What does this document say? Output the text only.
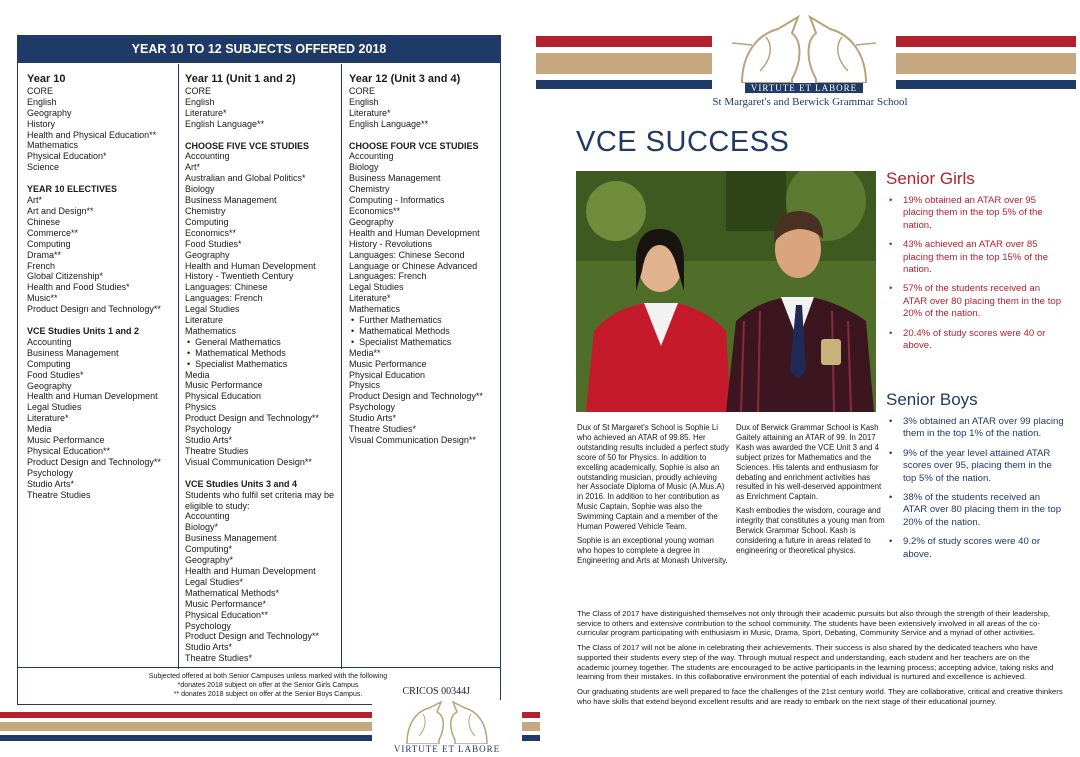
YEAR 10 TO 12 SUBJECTS OFFERED 2018
Year 10
CORE
English
Geography
History
Health and Physical Education**
Mathematics
Physical Education*
Science
YEAR 10 ELECTIVES
Art*
Art and Design**
Chinese
Commerce**
Computing
Drama**
French
Global Citizenship*
Health and Food Studies*
Music**
Product Design and Technology**
VCE Studies Units 1 and 2
Accounting
Business Management
Computing
Food Studies*
Geography
Health and Human Development
Legal Studies
Literature*
Media
Music Performance
Physical Education**
Product Design and Technology**
Psychology
Studio Arts*
Theatre Studies
Year 11 (Unit 1 and 2)
CORE
English
Literature*
English Language**
CHOOSE FIVE VCE STUDIES
Accounting
Art*
Australian and Global Politics*
Biology
Business Management
Chemistry
Computing
Economics**
Food Studies*
Geography
Health and Human Development
History - Twentieth Century
Languages: Chinese
Languages: French
Legal Studies
Literature
Mathematics
• General Mathematics
• Mathematical Methods
• Specialist Mathematics
Media
Music Performance
Physical Education
Physics
Product Design and Technology**
Psychology
Studio Arts*
Theatre Studies
Visual Communication Design**
VCE Studies Units 3 and 4
Students who fulfil set criteria may be eligible to study:
Accounting
Biology*
Business Management
Computing*
Geography*
Health and Human Development
Legal Studies*
Mathematical Methods*
Music Performance*
Physical Education**
Psychology
Product Design and Technology**
Studio Arts*
Theatre Studies*
Year 12 (Unit 3 and 4)
CORE
English
Literature*
English Language**
CHOOSE FOUR VCE STUDIES
Accounting
Biology
Business Management
Chemistry
Computing - Informatics
Economics**
Geography
Health and Human Development
History - Revolutions
Languages: Chinese Second Language or Chinese Advanced
Languages: French
Legal Studies
Literature*
Mathematics
• Further Mathematics
• Mathematical Methods
• Specialist Mathematics
Media**
Music Performance
Physical Education
Physics
Product Design and Technology**
Psychology
Studio Arts*
Theatre Studies*
Visual Communication Design**
Subjected offered at both Senior Campuses unless marked with the following
*donates 2018 subject on offer at the Senior Girls Campus
** donates 2018 subject on offer at the Senior Boys Campus.	CRICOS 00344J
VIRTUTE ET LABORE
VIRTUTE ET LABORE
St Margaret's and Berwick Grammar School
VCE SUCCESS
Senior Girls
• 19% obtained an ATAR over 95 placing them in the top 5% of the nation.
• 43% achieved an ATAR over 85 placing them in the top 15% of the nation.
• 57% of the students received an ATAR over 80 placing them in the top 20% of the nation.
• 20.4% of study scores were 40 or above.
Senior Boys
• 3% obtained an ATAR over 99 placing them in the top 1% of the nation.
• 9% of the year level attained ATAR scores over 95, placing them in the top 5% of the nation.
• 38% of the students received an ATAR over 80 placing them in the top 20% of the nation.
• 9.2% of study scores were 40 or above.

Dux of St Margaret's School is Sophie Li who achieved an ATAR of 99.85. Her outstanding results included a perfect study score of 50 for Physics. In addition to excelling academically, Sophie is also an outstanding musician, proudly achieving her Associate Diploma of Music (A.Mus.A) in 2016. In addition to her contribution as Music Captain, Sophie was also the Swimming Captain and a member of the Human Powered Vehicle Team.

Sophie is an exceptional young woman who hopes to complete a degree in Engineering and Arts at Monash University.

Dux of Berwick Grammar School is Kash Gaitely attaining an ATAR of 99. In 2017 Kash was awarded the VCE Unit 3 and 4 subject prizes for Mathematics and the Sciences. His talents and enthusiasm for debating and enrichment activities has resulted in his well-deserved appointment as Enrichment Captain.

Kash embodies the wisdom, courage and integrity that constitutes a young man from Berwick Grammar School. Kash is considering a future in areas related to engineering or theoretical physics.

The Class of 2017 have distinguished themselves not only through their academic pursuits but also through the strength of their leadership, service to others and extensive contribution to the school community. The students have been extensively involved in all areas of the co-curricular program participating with enthusiasm in Music, Drama, Sport, Debating, Community Service and a myriad of other activities.

The Class of 2017 will not be alone in celebrating their achievements. Their success is also shared by the dedicated teachers who have supported their students every step of the way. Through mutual respect and understanding, each student and her teachers are on the academic journey together. The students are encouraged to be active participants in the learning process; accepting advice, taking risks and learning from their mistakes. In this collaborative environment the potential of each individual is nurtured and excellence is achieved.

Our graduating students are well prepared to face the challenges of the 21st century world. They are collaborative, critical and creative thinkers who have skills that extend beyond excellent results and are ready to embark on the next stage of their educational journey.
